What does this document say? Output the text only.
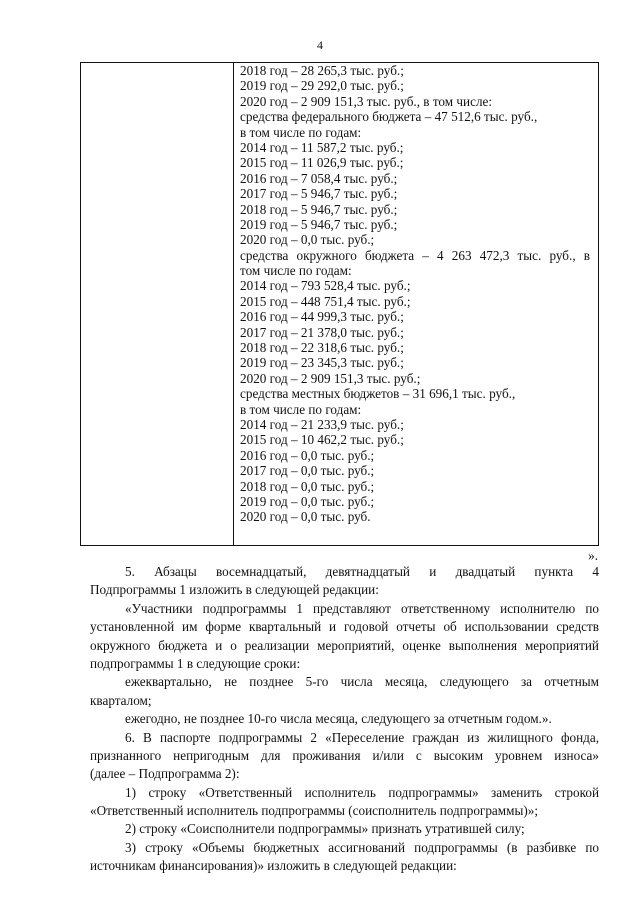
4
2018 год – 28 265,3 тыс. руб.;
2019 год – 29 292,0 тыс. руб.;
2020 год – 2 909 151,3 тыс. руб., в том числе:
средства федерального бюджета – 47 512,6 тыс. руб.,
в том числе по годам:
2014 год – 11 587,2 тыс. руб.;
2015 год – 11 026,9 тыс. руб.;
2016 год – 7 058,4 тыс. руб.;
2017 год – 5 946,7 тыс. руб.;
2018 год – 5 946,7 тыс. руб.;
2019 год – 5 946,7 тыс. руб.;
2020 год – 0,0 тыс. руб.;
средства окружного бюджета – 4 263 472,3 тыс. руб., в
том числе по годам:
2014 год – 793 528,4 тыс. руб.;
2015 год – 448 751,4 тыс. руб.;
2016 год – 44 999,3 тыс. руб.;
2017 год – 21 378,0 тыс. руб.;
2018 год – 22 318,6 тыс. руб.;
2019 год – 23 345,3 тыс. руб.;
2020 год – 2 909 151,3 тыс. руб.;
средства местных бюджетов – 31 696,1 тыс. руб.,
в том числе по годам:
2014 год – 21 233,9 тыс. руб.;
2015 год – 10 462,2 тыс. руб.;
2016 год – 0,0 тыс. руб.;
2017 год – 0,0 тыс. руб.;
2018 год – 0,0 тыс. руб.;
2019 год – 0,0 тыс. руб.;
2020 год – 0,0 тыс. руб.
».
5. Абзацы восемнадцатый, девятнадцатый и двадцатый пункта 4
Подпрограммы 1 изложить в следующей редакции:
«Участники подпрограммы 1 представляют ответственному исполнителю по
установленной им форме квартальный и годовой отчеты об использовании средств
окружного бюджета и о реализации мероприятий, оценке выполнения мероприятий
подпрограммы 1 в следующие сроки:
ежеквартально, не позднее 5-го числа месяца, следующего за отчетным
кварталом;
ежегодно, не позднее 10-го числа месяца, следующего за отчетным годом.».
6. В паспорте подпрограммы 2 «Переселение граждан из жилищного фонда,
признанного непригодным для проживания и/или с высоким уровнем износа»
(далее – Подпрограмма 2):
1) строку «Ответственный исполнитель подпрограммы» заменить строкой
«Ответственный исполнитель подпрограммы (соисполнитель подпрограммы)»;
2) строку «Соисполнители подпрограммы» признать утратившей силу;
3) строку «Объемы бюджетных ассигнований подпрограммы (в разбивке по
источникам финансирования)» изложить в следующей редакции:
